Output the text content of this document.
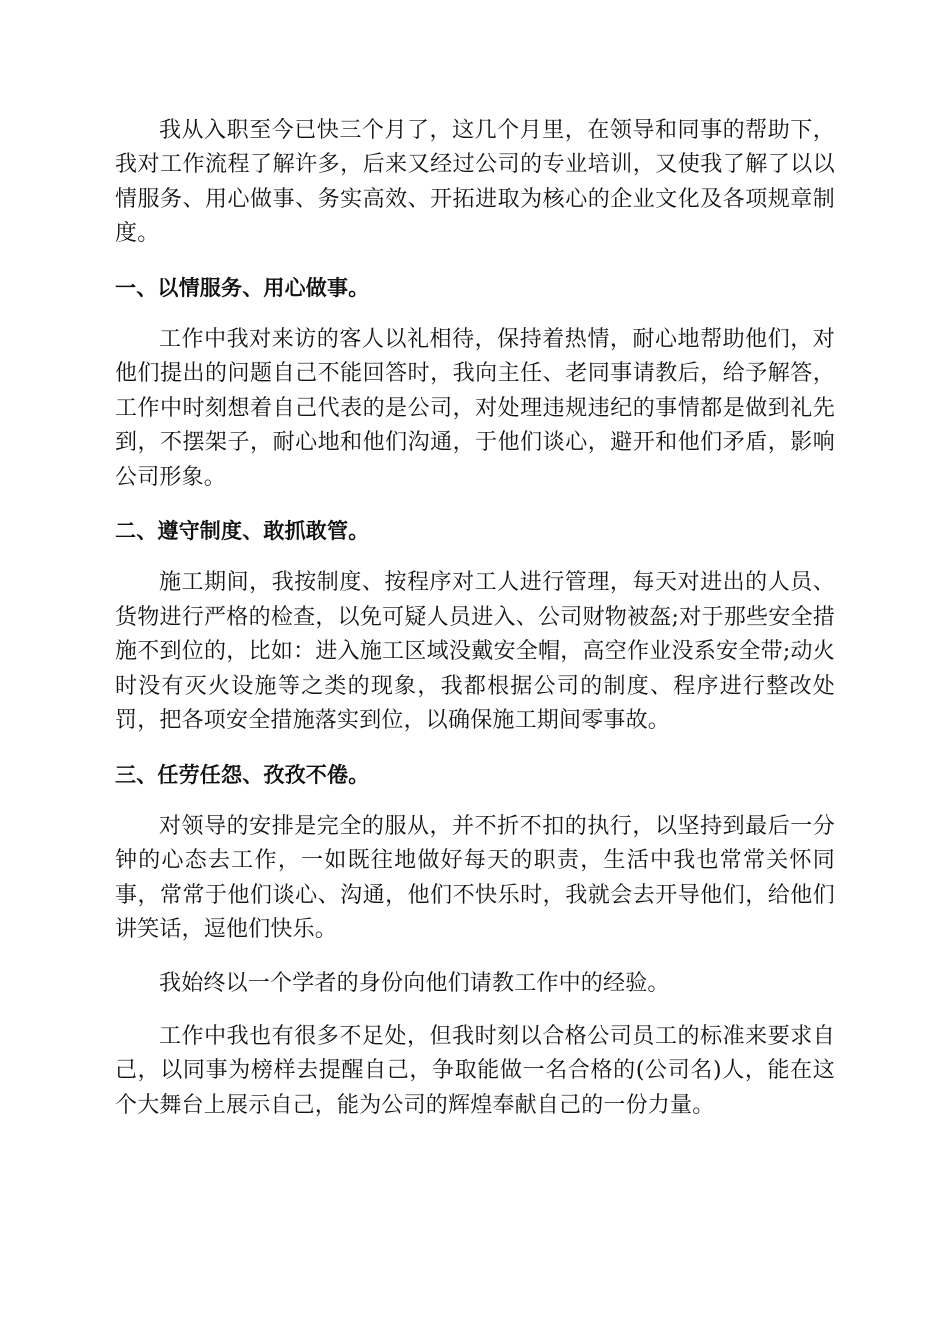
我从入职至今已快三个月了，这几个月里，在领导和同事的帮助下，我对工作流程了解许多，后来又经过公司的专业培训，又使我了解了以以情服务、用心做事、务实高效、开拓进取为核心的企业文化及各项规章制度。

一、以情服务、用心做事。

工作中我对来访的客人以礼相待，保持着热情，耐心地帮助他们，对他们提出的问题自己不能回答时，我向主任、老同事请教后，给予解答，工作中时刻想着自己代表的是公司，对处理违规违纪的事情都是做到礼先到，不摆架子，耐心地和他们沟通，于他们谈心，避开和他们矛盾，影响公司形象。

二、遵守制度、敢抓敢管。

施工期间，我按制度、按程序对工人进行管理，每天对进出的人员、货物进行严格的检查，以免可疑人员进入、公司财物被盔;对于那些安全措施不到位的，比如：进入施工区域没戴安全帽，高空作业没系安全带;动火时没有灭火设施等之类的现象，我都根据公司的制度、程序进行整改处罚，把各项安全措施落实到位，以确保施工期间零事故。

三、任劳任怨、孜孜不倦。

对领导的安排是完全的服从，并不折不扣的执行，以坚持到最后一分钟的心态去工作，一如既往地做好每天的职责，生活中我也常常关怀同事，常常于他们谈心、沟通，他们不快乐时，我就会去开导他们，给他们讲笑话，逗他们快乐。

我始终以一个学者的身份向他们请教工作中的经验。

工作中我也有很多不足处，但我时刻以合格公司员工的标准来要求自己，以同事为榜样去提醒自己，争取能做一名合格的(公司名)人，能在这个大舞台上展示自己，能为公司的辉煌奉献自己的一份力量。
